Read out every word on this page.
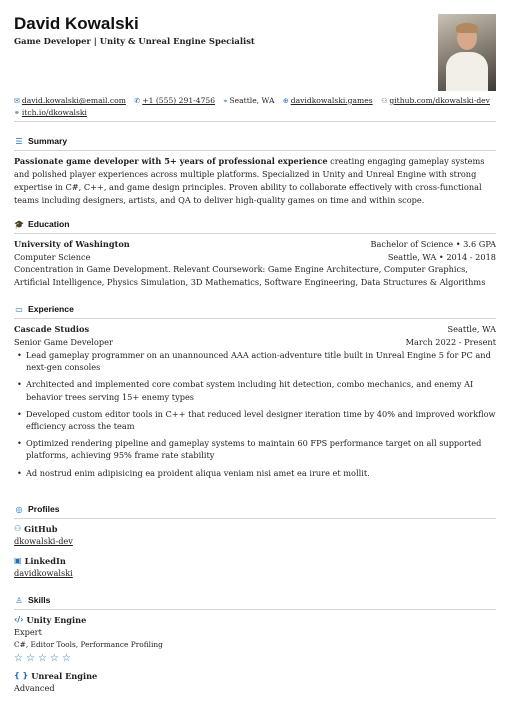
David Kowalski
Game Developer | Unity & Unreal Engine Specialist
✉ david.kowalski@email.com ✆ +1 (555) 291-4756 ⌖ Seattle, WA ⊕ davidkowalski.games ⚇ github.com/dkowalski-dev ⚭ itch.io/dkowalski
☰ Summary
Passionate game developer with 5+ years of professional experience creating engaging gameplay systems and polished player experiences across multiple platforms. Specialized in Unity and Unreal Engine with strong expertise in C#, C++, and game design principles. Proven ability to collaborate effectively with cross-functional teams including designers, artists, and QA to deliver high-quality games on time and within scope.
🎓 Education
University of Washington	Bachelor of Science • 3.6 GPA
Computer Science	Seattle, WA • 2014 - 2018
Concentration in Game Development. Relevant Coursework: Game Engine Architecture, Computer Graphics, Artificial Intelligence, Physics Simulation, 3D Mathematics, Software Engineering, Data Structures & Algorithms
▭ Experience
Cascade Studios	Seattle, WA
Senior Game Developer	March 2022 - Present
• Lead gameplay programmer on an unannounced AAA action-adventure title built in Unreal Engine 5 for PC and next-gen consoles
• Architected and implemented core combat system including hit detection, combo mechanics, and enemy AI behavior trees serving 15+ enemy types
• Developed custom editor tools in C++ that reduced level designer iteration time by 40% and improved workflow efficiency across the team
• Optimized rendering pipeline and gameplay systems to maintain 60 FPS performance target on all supported platforms, achieving 95% frame rate stability
• Ad nostrud enim adipisicing ea proident aliqua veniam nisi amet ea irure et mollit.
◎ Profiles
⚇ GitHub
dkowalski-dev
▣ LinkedIn
davidkowalski
♙ Skills
‹/› Unity Engine
Expert
C#, Editor Tools, Performance Profiling
☆ ☆ ☆ ☆ ☆
{ } Unreal Engine
Advanced
